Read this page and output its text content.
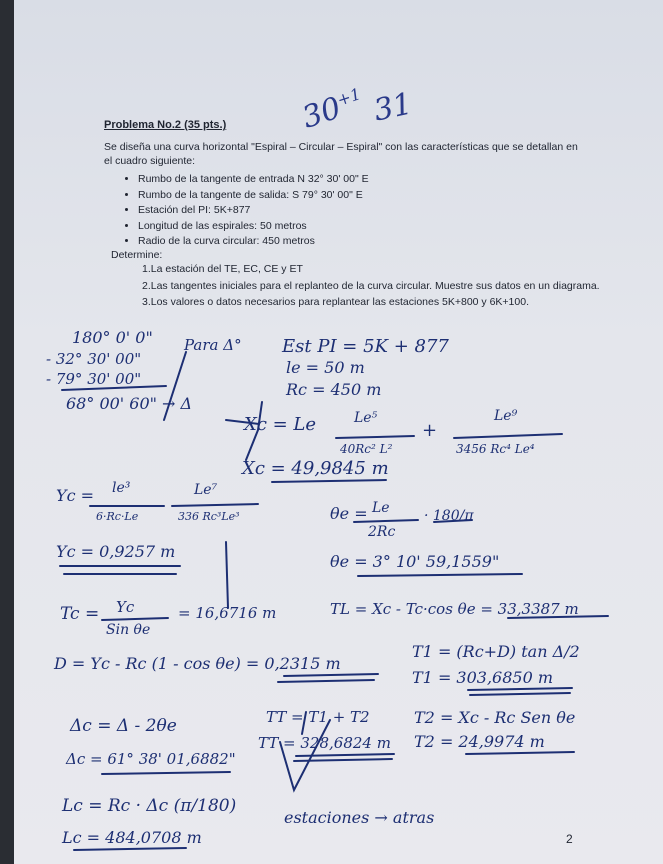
Problema No.2 (35 pts.)
Se diseña una curva horizontal "Espiral – Circular – Espiral" con las características que se detallan en el cuadro siguiente:
• Rumbo de la tangente de entrada N 32° 30' 00" E
• Rumbo de la tangente de salida: S 79° 30' 00" E
• Estación del PI: 5K+877
• Longitud de las espirales: 50 metros
• Radio de la curva circular: 450 metros
Determine:
1.La estación del TE, EC, CE y ET
2.Las tangentes iniciales para el replanteo de la curva circular. Muestre sus datos en un diagrama.
3.Los valores o datos necesarios para replantear las estaciones 5K+800 y 6K+100.
2
$30^{+1}$ 31
180° 0' 0"
- 32° 30' 00"
- 79° 30' 00"
68° 00' 60" → Δ
Para Δ° Est PI = 5K + 877
le = 50 m
Rc = 450 m
Xc = Le	Le⁵
40Rc² L²
+
Le⁹
3456 Rc⁴ Le⁴
Xc = 49,9845 m
Yc = le³
6·Rc·Le
Le⁷
336 Rc³Le³
Yc = 0,9257 m
θe = Le
2Rc
· 180/π
θe = 3° 10' 59,1559"
Tc = Yc
Sin θe
= 16,6716 m	TL = Xc - Tc·cos θe = 33,3387 m
D = Yc - Rc (1 - cos θe) = 0,2315 m
T1 = (Rc+D) tan Δ/2
T1 = 303,6850 m
TT = T1 + T2
TT = 328,6824 m
T2 = Xc - Rc Sen θe
T2 = 24,9974 m
Δc = Δ - 2θe
Δc = 61° 38' 01,6882"
Lc = Rc · Δc (π/180)
Lc = 484,0708 m
estaciones → atras
